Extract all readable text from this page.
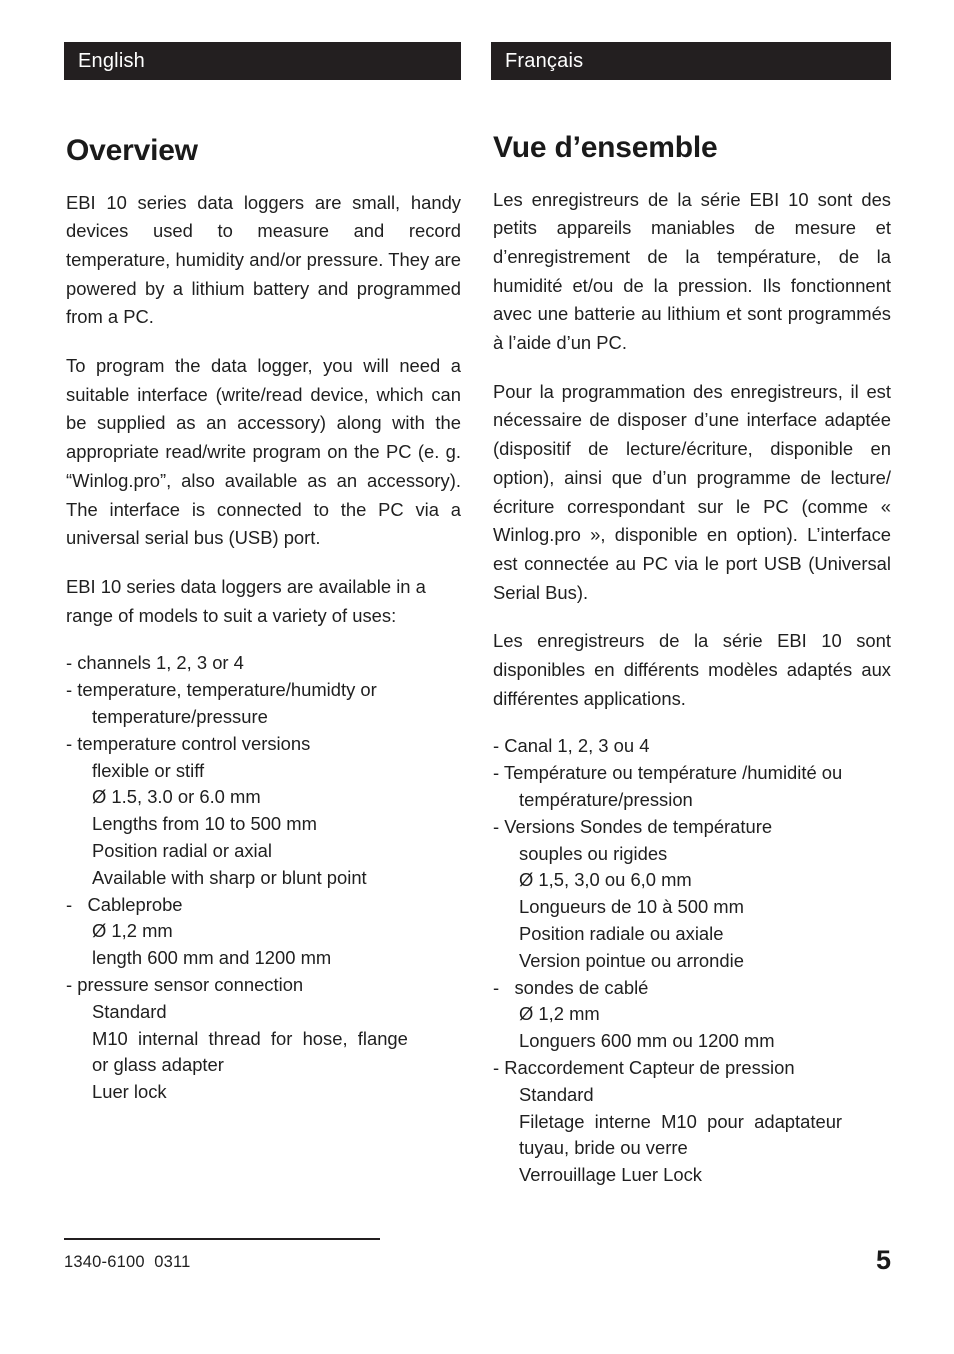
English
Overview

EBI 10 series data loggers are small, handy devices used to measure and record temperature, humidity and/or pressure. They are powered by a lithium battery and programmed from a PC.

To program the data logger, you will need a suitable interface (write/read device, which can be supplied as an accessory) along with the appropriate read/write program on the PC (e. g. “Winlog.pro”, also available as an accessory). The interface is connected to the PC via a universal serial bus (USB) port.

EBI 10 series data loggers are available in a range of models to suit a variety of uses:

- channels 1, 2, 3 or 4
- temperature, temperature/humidty or
temperature/pressure
- temperature control versions
flexible or stiff
Ø 1.5, 3.0 or 6.0 mm
Lengths from 10 to 500 mm
Position radial or axial
Available with sharp or blunt point
-   Cableprobe
Ø 1,2 mm
length 600 mm and 1200 mm
- pressure sensor connection
Standard
M10  internal  thread  for  hose,  flange
or glass adapter
Luer lock
Français
Vue d’ensemble

Les enregistreurs de la série EBI 10 sont des petits appareils maniables de mesure et d’enregistrement de la température, de la humidité et/ou de la pression. Ils fonctionnent avec une batterie au lithium et sont programmés à l’aide d’un PC.

Pour la programmation des enregistreurs, il est nécessaire de disposer d’une interface adaptée (dispositif de lecture/écriture, disponible en option), ainsi que d’un programme de lecture/écriture correspondant sur le PC (comme « Winlog.pro », disponible en option). L’interface est connectée au PC via le port USB (Universal Serial Bus).

Les enregistreurs de la série EBI 10 sont disponibles en différents modèles adaptés aux différentes applications.

- Canal 1, 2, 3 ou 4
- Température ou température /humidité ou
température/pression
- Versions Sondes de température
souples ou rigides
Ø 1,5, 3,0 ou 6,0 mm
Longueurs de 10 à 500 mm
Position radiale ou axiale
Version pointue ou arrondie
-   sondes de cablé
Ø 1,2 mm
Longuers 600 mm ou 1200 mm
- Raccordement Capteur de pression
Standard
Filetage  interne  M10  pour  adaptateur
tuyau, bride ou verre
Verrouillage Luer Lock
1340-6100  0311	5
